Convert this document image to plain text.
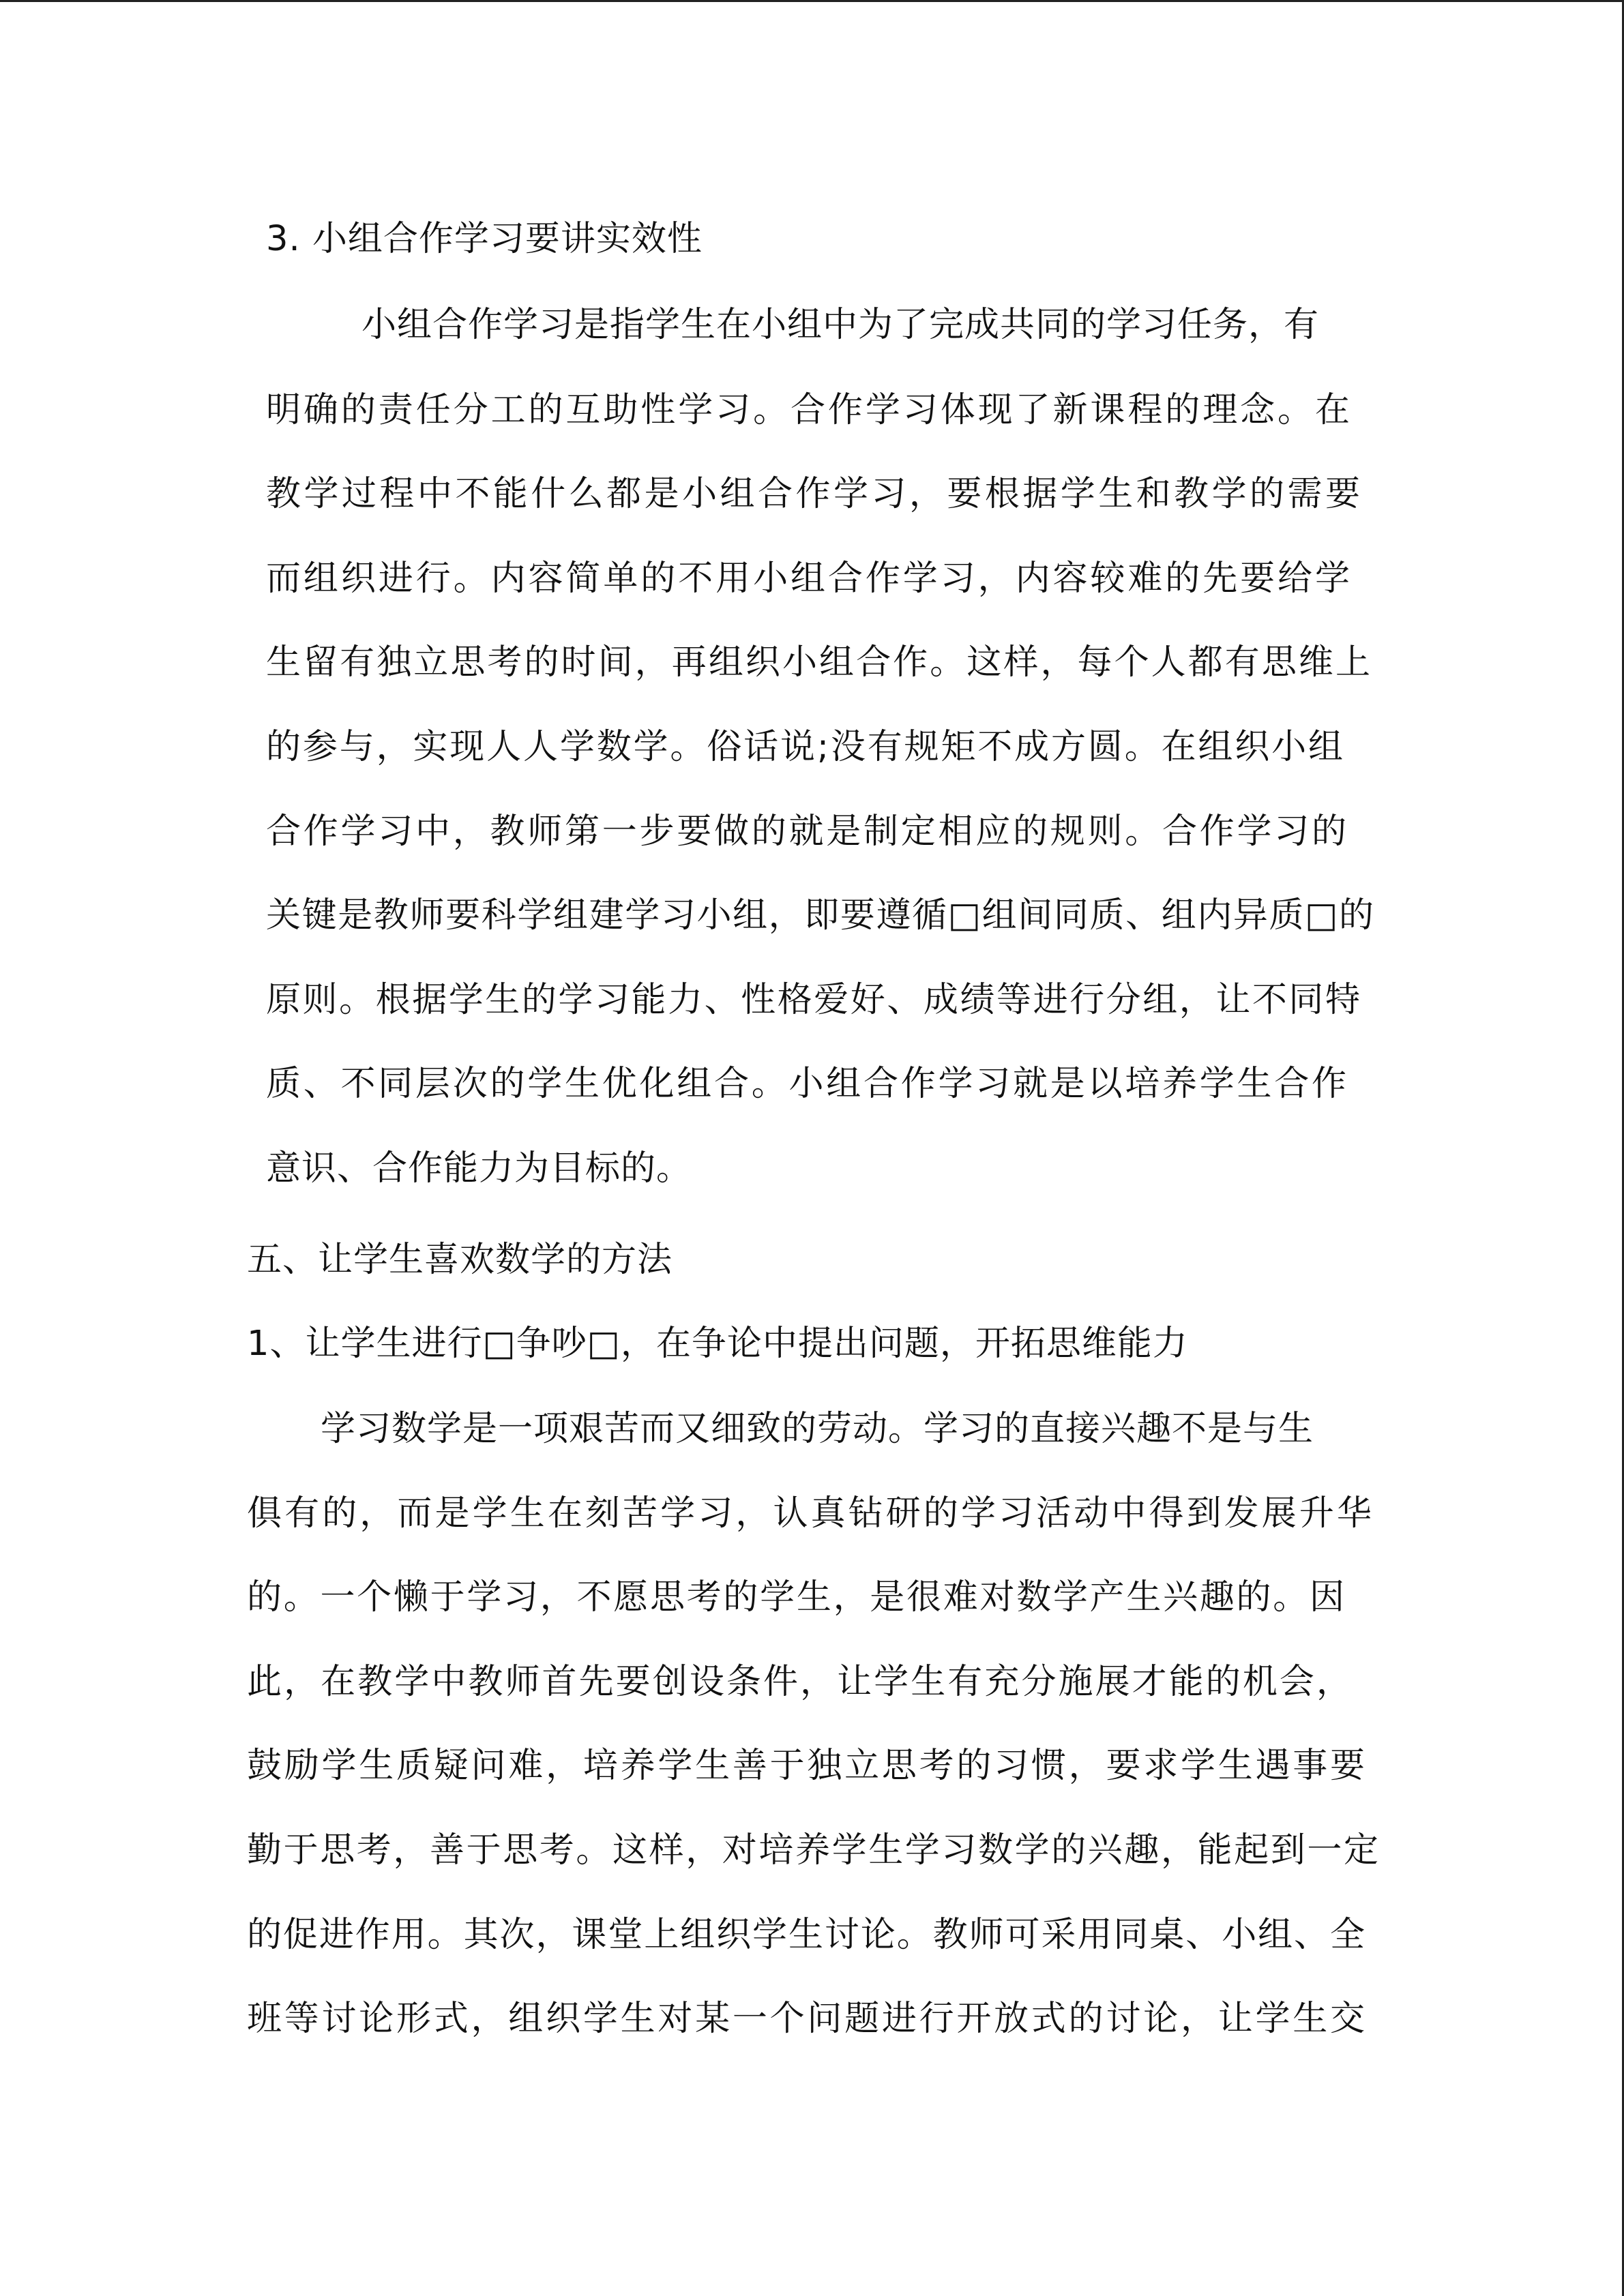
3. 小组合作学习要讲实效性
小组合作学习是指学生在小组中为了完成共同的学习任务，有
明确的责任分工的互助性学习。合作学习体现了新课程的理念。在
教学过程中不能什么都是小组合作学习，要根据学生和教学的需要
而组织进行。内容简单的不用小组合作学习，内容较难的先要给学
生留有独立思考的时间，再组织小组合作。这样，每个人都有思维上
的参与，实现人人学数学。俗话说;没有规矩不成方圆。在组织小组
合作学习中，教师第一步要做的就是制定相应的规则。合作学习的
关键是教师要科学组建学习小组，即要遵循□组间同质、组内异质□的
原则。根据学生的学习能力、性格爱好、成绩等进行分组，让不同特
质、不同层次的学生优化组合。小组合作学习就是以培养学生合作
意识、合作能力为目标的。
五、让学生喜欢数学的方法
1、让学生进行□争吵□，在争论中提出问题，开拓思维能力
学习数学是一项艰苦而又细致的劳动。学习的直接兴趣不是与生
俱有的，而是学生在刻苦学习，认真钻研的学习活动中得到发展升华
的。一个懒于学习，不愿思考的学生，是很难对数学产生兴趣的。因
此，在教学中教师首先要创设条件，让学生有充分施展才能的机会，
鼓励学生质疑问难，培养学生善于独立思考的习惯，要求学生遇事要
勤于思考，善于思考。这样，对培养学生学习数学的兴趣，能起到一定
的促进作用。其次，课堂上组织学生讨论。教师可采用同桌、小组、全
班等讨论形式，组织学生对某一个问题进行开放式的讨论，让学生交
